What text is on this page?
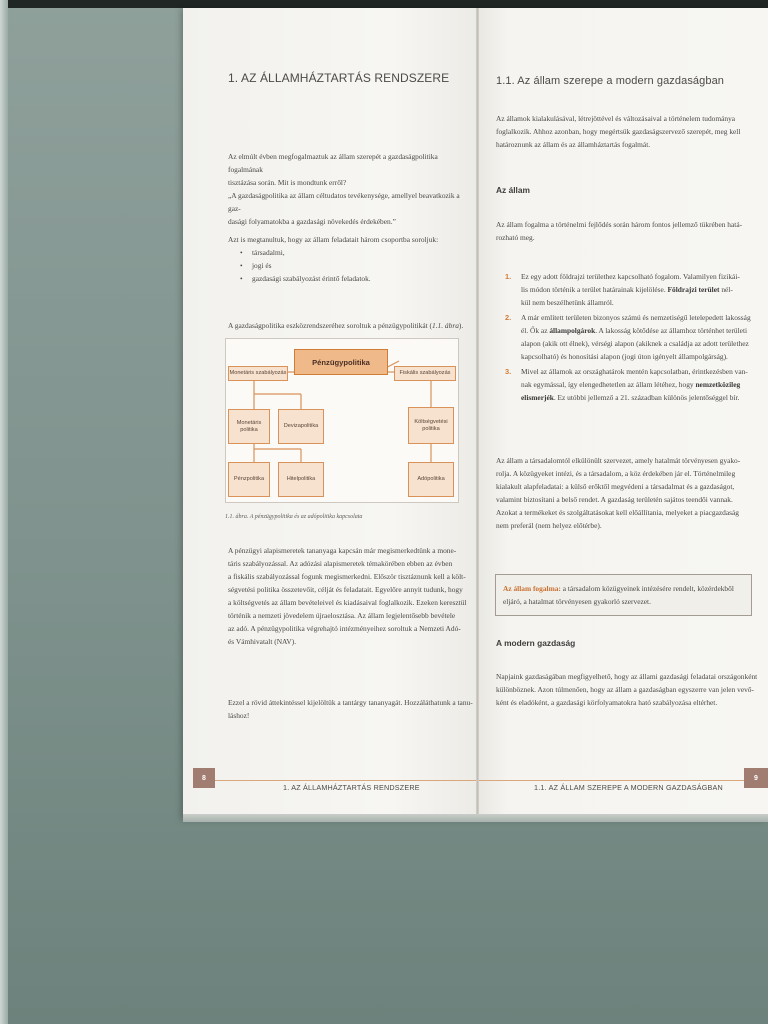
1. AZ ÁLLAMHÁZTARTÁS RENDSZERE
Az elmúlt évben megfogalmaztuk az állam szerepét a gazdaságpolitika fogalmának
tisztázása során. Mit is mondtunk erről?
„A gazdaságpolitika az állam céltudatos tevékenysége, amellyel beavatkozik a gaz-
dasági folyamatokba a gazdasági növekedés érdekében.”
Azt is megtanultuk, hogy az állam feladatait három csoportba soroljuk:
• társadalmi,
• jogi és
• gazdasági szabályozást érintő feladatok.
A gazdaságpolitika eszközrendszeréhez soroltuk a pénzügypolitikát (1.1. ábra).
Pénzügypolitika
Monetáris szabályozás	Fiskális szabályozás
Monetáris politika
Devizapolitika
Költségvetési politika
Pénzpolitika	Hitelpolitika	Adópolitika
1.1. ábra. A pénzügypolitika és az adópolitika kapcsolata
A pénzügyi alapismeretek tananyaga kapcsán már megismerkedtünk a mone-
táris szabályozással. Az adózási alapismeretek témakörében ebben az évben
a fiskális szabályozással fogunk megismerkedni. Először tisztáznunk kell a költ-
ségvetési politika összetevőit, célját és feladatait. Egyelőre annyit tudunk, hogy
a költségvetés az állam bevételeivel és kiadásaival foglalkozik. Ezeken keresztül
történik a nemzeti jövedelem újraelosztása. Az állam legjelentősebb bevétele
az adó. A pénzügypolitika végrehajtó intézményeihez soroltuk a Nemzeti Adó-
és Vámhivatalt (NAV).
Ezzel a rövid áttekintéssel kijelöltük a tantárgy tananyagát. Hozzáláthatunk a tanu-
láshoz!
8
1. AZ ÁLLAMHÁZTARTÁS RENDSZERE
1.1. Az állam szerepe a modern gazdaságban
Az államok kialakulásával, létrejöttével és változásaival a történelem tudománya
foglalkozik. Ahhoz azonban, hogy megértsük gazdaságszervező szerepét, meg kell
határoznunk az állam és az államháztartás fogalmát.
Az állam
Az állam fogalma a történelmi fejlődés során három fontos jellemző tükrében hatá-
rozható meg.
1. Ez egy adott földrajzi területhez kapcsolható fogalom. Valamilyen fizikái-
lis módon történik a terület határainak kijelölése. Földrajzi terület nél-
kül nem beszélhetünk államról.
2. A már említett területen bizonyos számú és nemzetiségű letelepedett lakosság
él. Ők az állampolgárok. A lakosság kötődése az államhoz történhet területi
alapon (akik ott élnek), vérségi alapon (akiknek a családja az adott területhez
kapcsolható) és honosítási alapon (jogi úton igényelt állampolgárság).
3. Mivel az államok az országhatárok mentén kapcsolatban, érintkezésben van-
nak egymással, így elengedhetetlen az állam létéhez, hogy nemzetközileg
elismerjék. Ez utóbbi jellemző a 21. században különös jelentőséggel bír.
Az állam a társadalomtól elkülönült szervezet, amely hatalmát törvényesen gyako-
rolja. A közügyeket intézi, és a társadalom, a köz érdekében jár el. Történelmileg
kialakult alapfeladatai: a külső erőktől megvédeni a társadalmat és a gazdaságot,
valamint biztosítani a belső rendet. A gazdaság területén sajátos teendői vannak.
Azokat a termékeket és szolgáltatásokat kell előállítania, melyeket a piacgazdaság
nem preferál (nem helyez előtérbe).
Az állam fogalma: a társadalom közügyeinek intézésére rendelt, közérdekből
eljáró, a hatalmat törvényesen gyakorló szervezet.
A modern gazdaság
Napjaink gazdaságában megfigyelhető, hogy az állami gazdasági feladatai országonként
különböznek. Azon túlmenően, hogy az állam a gazdaságban egyszerre van jelen vevő-
ként és eladóként, a gazdasági körfolyamatokra ható szabályozása eltérhet.
1.1. AZ ÁLLAM SZEREPE A MODERN GAZDASÁGBAN
9
